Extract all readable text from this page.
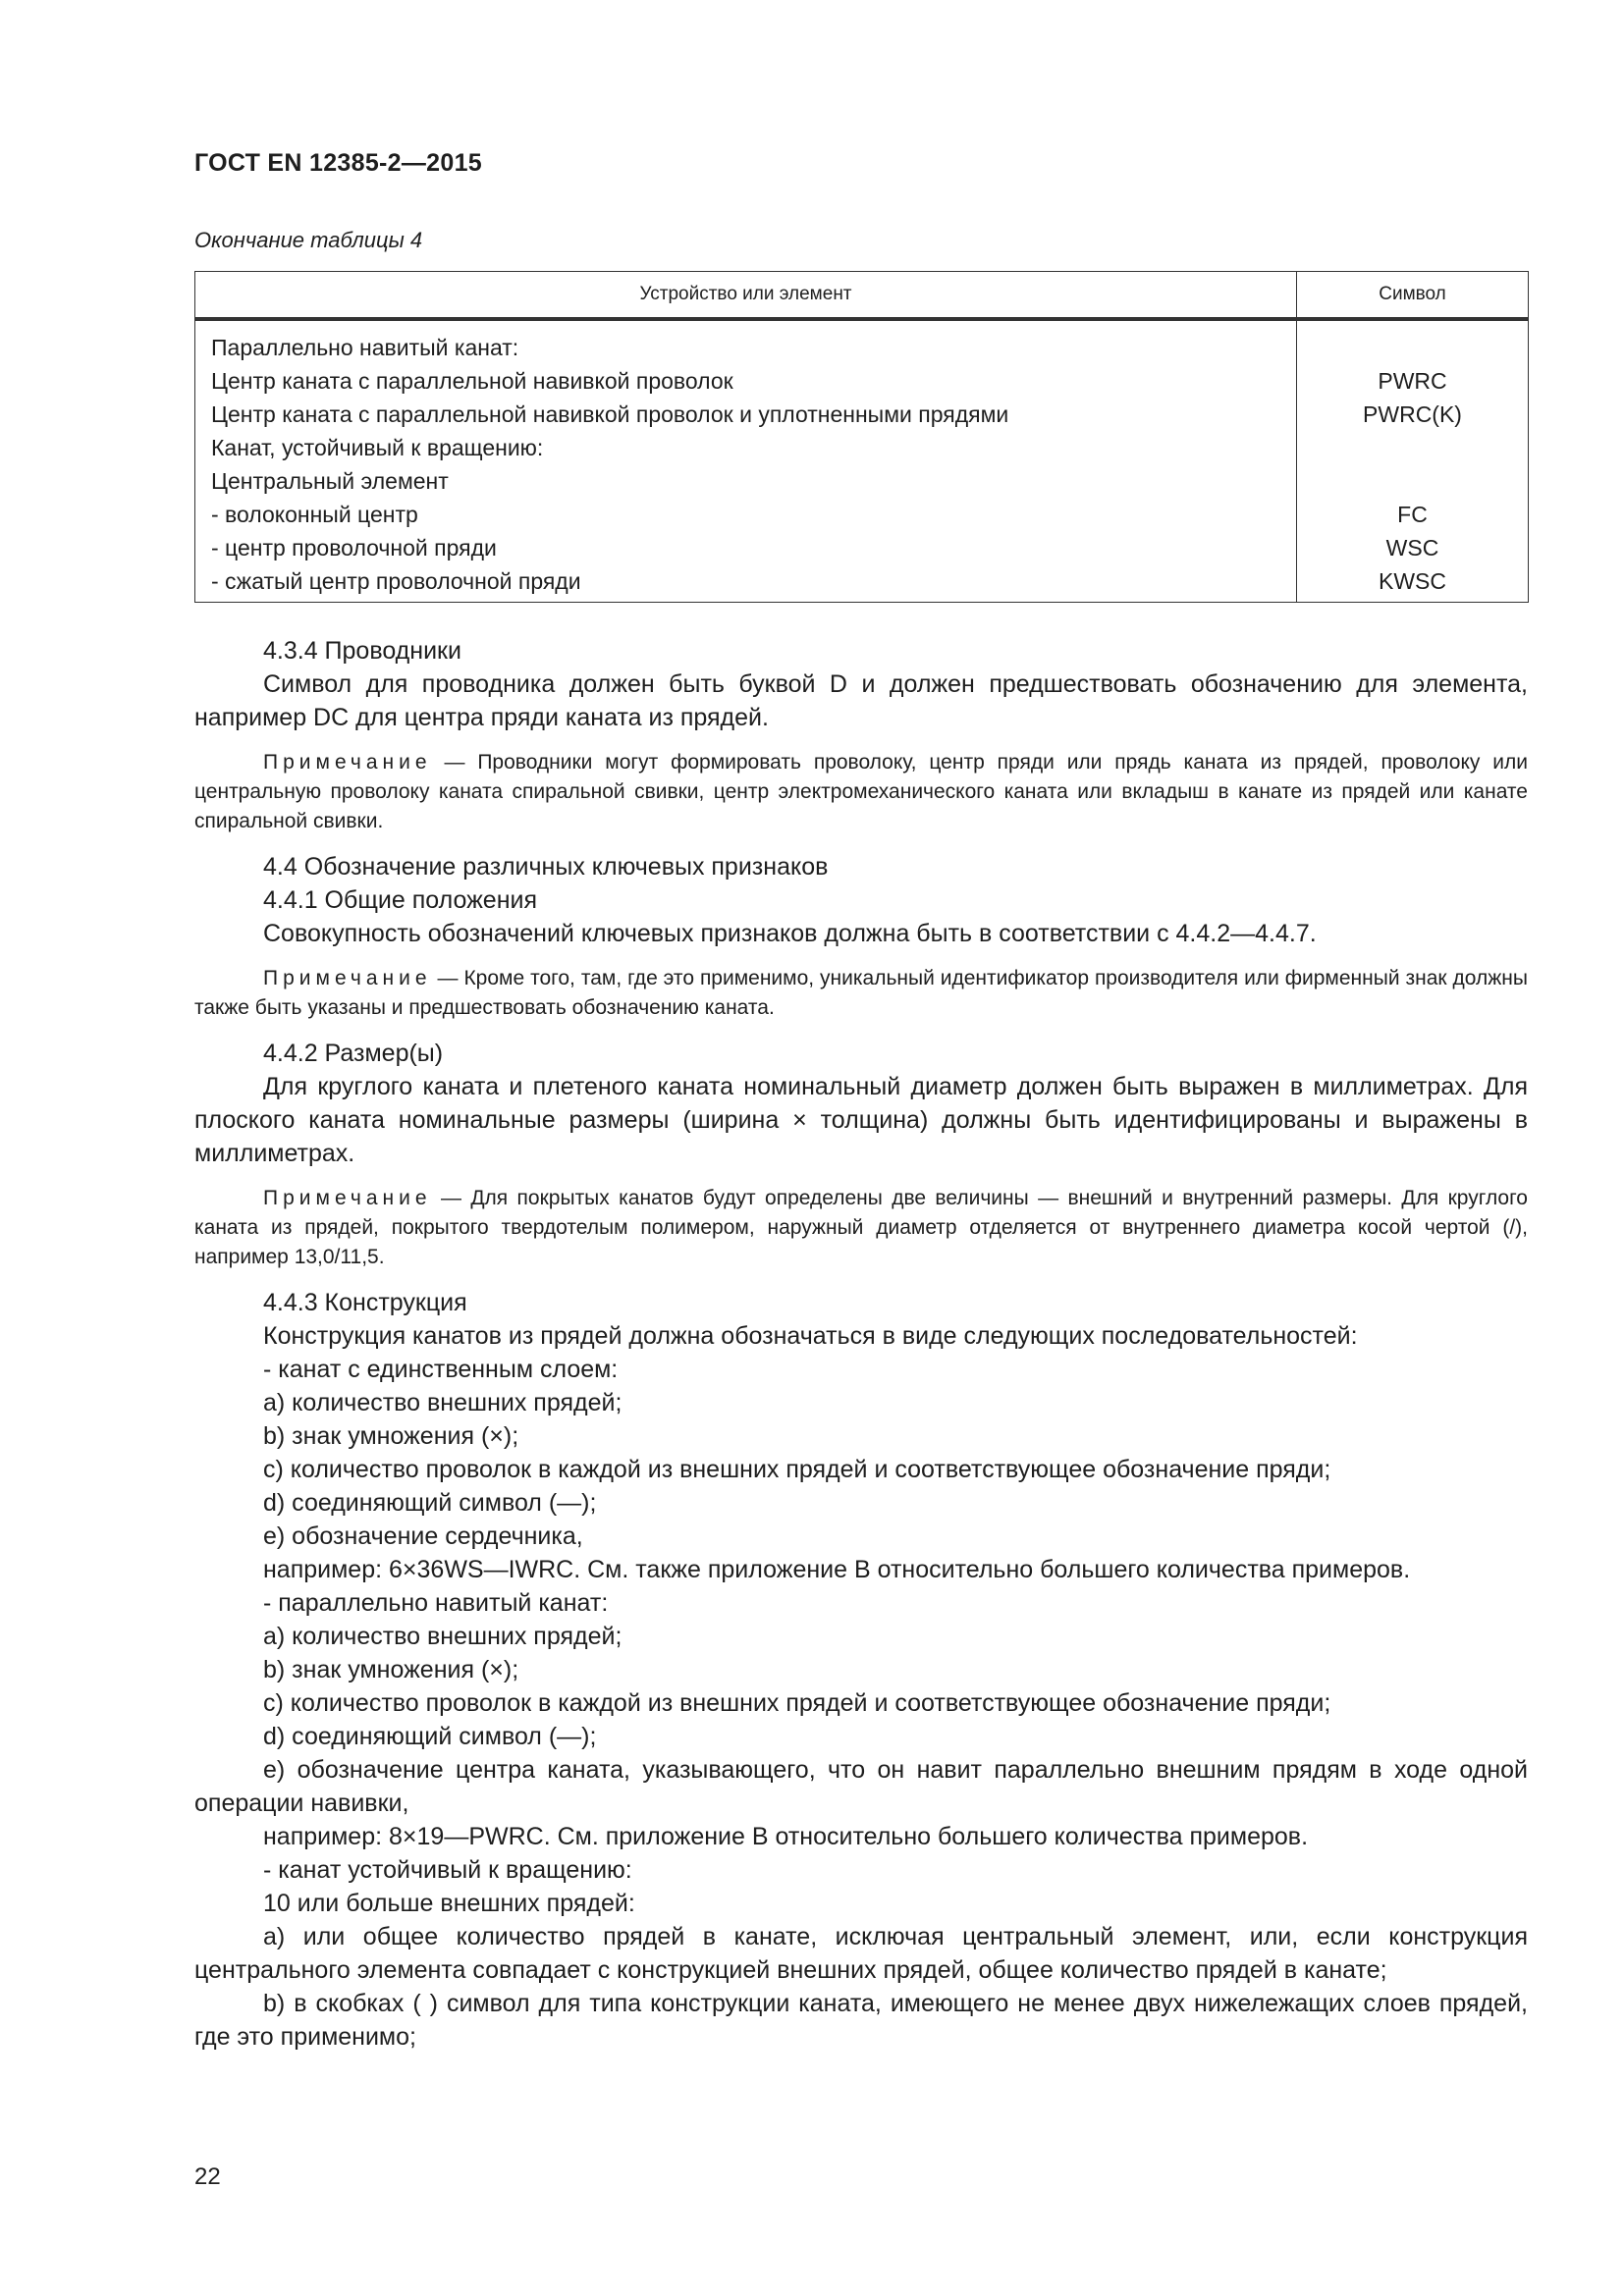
ГОСТ EN 12385-2—2015
Окончание таблицы 4
Устройство или элемент	Символ
Параллельно навитый канат:	
Центр каната с параллельной навивкой проволок	PWRC
Центр каната с параллельной навивкой проволок и уплотненными прядями	PWRC(K)
Канат, устойчивый к вращению:	
Центральный элемент	
- волоконный центр	FC
- центр проволочной пряди	WSC
- сжатый центр проволочной пряди	KWSC

4.3.4 Проводники

Символ для проводника должен быть буквой D и должен предшествовать обозначению для элемента, например DC для центра пряди каната из прядей.

Примечание — Проводники могут формировать проволоку, центр пряди или прядь каната из прядей, проволоку или центральную проволоку каната спиральной свивки, центр электромеханического каната или вкладыш в канате из прядей или канате спиральной свивки.

4.4 Обозначение различных ключевых признаков

4.4.1 Общие положения

Совокупность обозначений ключевых признаков должна быть в соответствии с 4.4.2—4.4.7.

Примечание — Кроме того, там, где это применимо, уникальный идентификатор производителя или фирменный знак должны также быть указаны и предшествовать обозначению каната.

4.4.2 Размер(ы)

Для круглого каната и плетеного каната номинальный диаметр должен быть выражен в миллиметрах. Для плоского каната номинальные размеры (ширина × толщина) должны быть идентифицированы и выражены в миллиметрах.

Примечание — Для покрытых канатов будут определены две величины — внешний и внутренний размеры. Для круглого каната из прядей, покрытого твердотелым полимером, наружный диаметр отделяется от внутреннего диаметра косой чертой (/), например 13,0/11,5.

4.4.3 Конструкция

Конструкция канатов из прядей должна обозначаться в виде следующих последовательностей:

- канат с единственным слоем:

a) количество внешних прядей;

b) знак умножения (×);

c) количество проволок в каждой из внешних прядей и соответствующее обозначение пряди;

d) соединяющий символ (—);

e) обозначение сердечника,

например: 6×36WS—IWRC. См. также приложение B относительно большего количества примеров.

- параллельно навитый канат:

a) количество внешних прядей;

b) знак умножения (×);

c) количество проволок в каждой из внешних прядей и соответствующее обозначение пряди;

d) соединяющий символ (—);

e) обозначение центра каната, указывающего, что он навит параллельно внешним прядям в ходе одной операции навивки,

например: 8×19—PWRC. См. приложение B относительно большего количества примеров.

- канат устойчивый к вращению:

10 или больше внешних прядей:

a) или общее количество прядей в канате, исключая центральный элемент, или, если конструкция центрального элемента совпадает с конструкцией внешних прядей, общее количество прядей в канате;

b) в скобках ( ) символ для типа конструкции каната, имеющего не менее двух нижележащих слоев прядей, где это применимо;

22
